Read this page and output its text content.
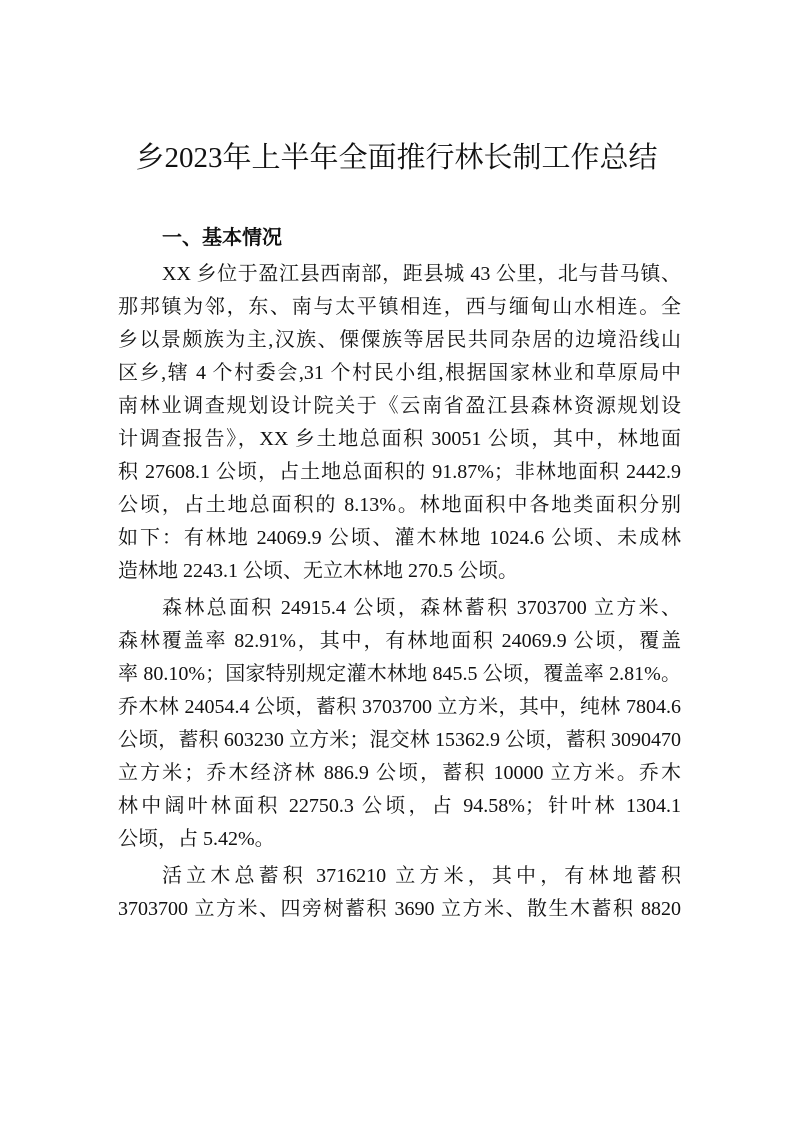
乡2023年上半年全面推行林长制工作总结
一、基本情况
XX 乡位于盈江县西南部，距县城 43 公里，北与昔马镇、
那邦镇为邻，东、南与太平镇相连，西与缅甸山水相连。全
乡以景颇族为主,汉族、傈僳族等居民共同杂居的边境沿线山
区乡,辖 4 个村委会,31 个村民小组,根据国家林业和草原局中
南林业调查规划设计院关于《云南省盈江县森林资源规划设
计调查报告》，XX 乡土地总面积 30051 公顷，其中，林地面
积 27608.1 公顷，占土地总面积的 91.87%；非林地面积 2442.9
公顷，占土地总面积的 8.13%。林地面积中各地类面积分别
如下：有林地 24069.9 公顷、灌木林地 1024.6 公顷、未成林
造林地 2243.1 公顷、无立木林地 270.5 公顷。
森林总面积 24915.4 公顷，森林蓄积 3703700 立方米、
森林覆盖率 82.91%，其中，有林地面积 24069.9 公顷，覆盖
率 80.10%；国家特别规定灌木林地 845.5 公顷，覆盖率 2.81%。
乔木林 24054.4 公顷，蓄积 3703700 立方米，其中，纯林 7804.6
公顷，蓄积 603230 立方米；混交林 15362.9 公顷，蓄积 3090470
立方米；乔木经济林 886.9 公顷，蓄积 10000 立方米。乔木
林中阔叶林面积 22750.3 公顷，占 94.58%；针叶林 1304.1
公顷，占 5.42%。
活立木总蓄积 3716210 立方米，其中，有林地蓄积
3703700 立方米、四旁树蓄积 3690 立方米、散生木蓄积 8820
